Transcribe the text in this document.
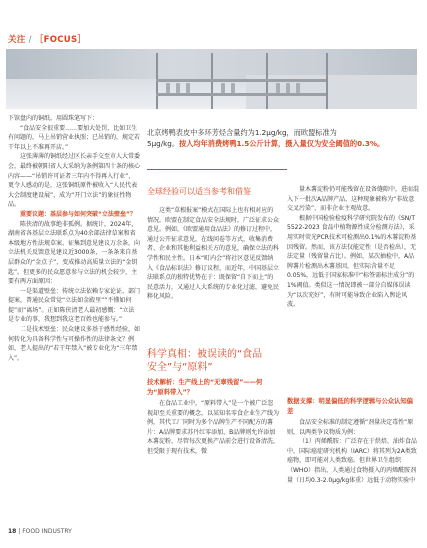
关注 / ［FOCUS］
北京烤鸭表皮中多环芳烃含量约为1.2μg/kg，而欧盟标准为
5μg/kg。按人均年消费烤鸭1.5公斤计算，摄入量仅为安全阈值的0.3%。

下馆盘内的铜纸。用圆珠笔写下：

“食品安全很重要……要加大处罚，比如卫生有问题的，马上吊销营业执照；已吊销的，规定若干年以上不准再开店。”

这张薄薄的铜纸经过区长亲手交至市人大常委会，最终被朝阳省人大采纳为条例第四十条的核心内容——“吊销许可证者三年内不得再入行业”，更令人感动的是，这张铜纸原件被收入“人民代表大会制度建设展”，成为“开门立法”的象征性物品。

重要议题：基层参与如何突破“立法壁垒”？

陈侠清的故事绝非孤例。据统计，2024年，湖南省各基层立法联系点为40余部法律草案和省本级地方性法规草案、征集到意见建议万余条，向立法机关反馈意见建议近3000条，一条条来自基层群众的“金点子”，变成推动高质量立法的“金钥匙”。但更多的民众愿意参与立法的机会较少，主要有两方面原因：

一是渠道壁垒：传统立法依赖专家论证、部门提案，普通民众常觉“立法如金殿里”“不懂如何提”而“离场”。正如陈侠清老人最初感慨：“立法是专业的事，我想到我这老百姓也能参与。”

二是技术壁垒：民众建议多基于感性经验，如何转化为具备科学性与可操作性的法律条文？例如，老人提出的“若干年禁入”被专业化为“三年禁入”。

全球经验可以适当参考和借鉴

这类“草根报案”模式在国际上也有相对应的情况。欧盟在制定食品安全法规时，广泛征求公众意见。例如，《欧盟通用食品法》的修订过程中，通过公开征求意见，在线问卷等方式，收集消费者、企业和其他利益相关方的意见，确保立法的科学性和民主性。日本“町内会”将社区意见反馈纳入《食品标识法》修订议程，而近年，中国基层立法联系点的独特优势在于：既保留“自下而上”的民意活力，又通过人大系统的专业化过滤，避免民粹化风险。

科学真相：被误读的“食品
安全”与“原料”
技术解析：生产线上的“无辜残留”——何为“原料带入”？

在食品工业中，“原料带入”是一个被广泛忽视却至关重要的概念，以某知名零食企业生产线为例，其代工厂同时为多个品牌生产不同配方的薯片：A品牌要求苏丹红零添加，B品牌则允许添加木薯淀粉，尽管每次更换产品前会进行设备清洗，但受限于现有技术，微

量木薯淀粉仍可能残留在设备缝隙中，进而混入下一批次A品牌产品，这种现象被称为“非故意交叉污染”，而非企业主观故意。

根据中国检验检疫科学研究院发布的《SN/T 5522-2023 食品中植物源性成分检测方法》，采用实时荧光PCR技术可检测出0.1%的木薯淀粉基因残留。然而，该方法仅能定性（是否检出），无法定量（残留量占比）。例如，某次抽检中，A品牌薯片检测出木薯基因，但实际含量不足0.05%，远低于国家标准中“标签需标注成分”的1%阈值。类似这一情况即被一部分自媒体误读为“以次充好”，有时可能导致企业陷入舆论风波。

数据支撑：明显偏低的科学逻辑与公众认知偏差

食品安全标准的制定遵循“剂量决定毒性”原则，以两类争议物质为例：

（1）丙烯酰胺：广泛存在于烘焙、油炸食品中，国际癌症研究机构（IARC）将其列为2A类致癌物，即可能对人类致癌。但世界卫生组织（WHO）指出，人类通过食物摄入的丙烯酰胺剂量（日均0.3-2.0μg/kg体重）远低于动物实验中

18 | FOOD INDUSTRY
